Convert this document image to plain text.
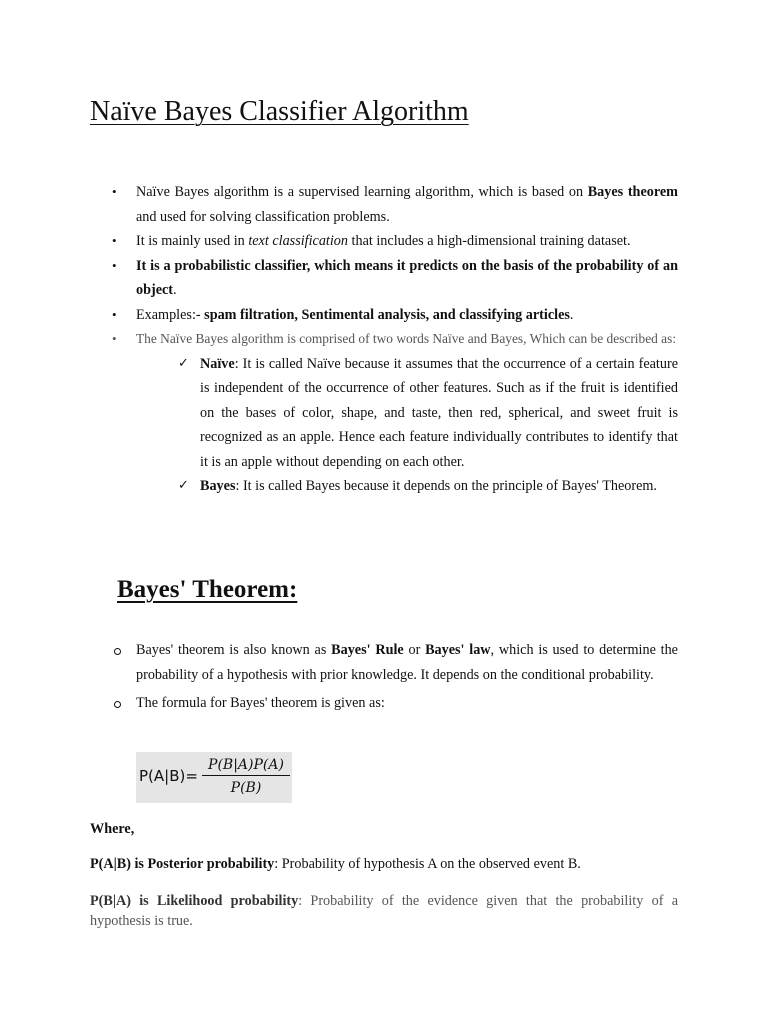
Naïve Bayes Classifier Algorithm
• Naïve Bayes algorithm is a supervised learning algorithm, which is based on Bayes theorem and used for solving classification problems.
• It is mainly used in text classification that includes a high-dimensional training dataset.
• It is a probabilistic classifier, which means it predicts on the basis of the probability of an object.
• Examples:- spam filtration, Sentimental analysis, and classifying articles.
• The Naïve Bayes algorithm is comprised of two words Naïve and Bayes, Which can be described as:
✓ Naïve: It is called Naïve because it assumes that the occurrence of a certain feature is independent of the occurrence of other features. Such as if the fruit is identified on the bases of color, shape, and taste, then red, spherical, and sweet fruit is recognized as an apple. Hence each feature individually contributes to identify that it is an apple without depending on each other.
✓ Bayes: It is called Bayes because it depends on the principle of Bayes' Theorem.
Bayes' Theorem:
Bayes' theorem is also known as Bayes' Rule or Bayes' law, which is used to determine the probability of a hypothesis with prior knowledge. It depends on the conditional probability.
The formula for Bayes' theorem is given as:
P(A|B)=
P(B|A)P(A)
P(B)
Where,
P(A|B) is Posterior probability: Probability of hypothesis A on the observed event B.
P(B|A) is Likelihood probability: Probability of the evidence given that the probability of a hypothesis is true.
